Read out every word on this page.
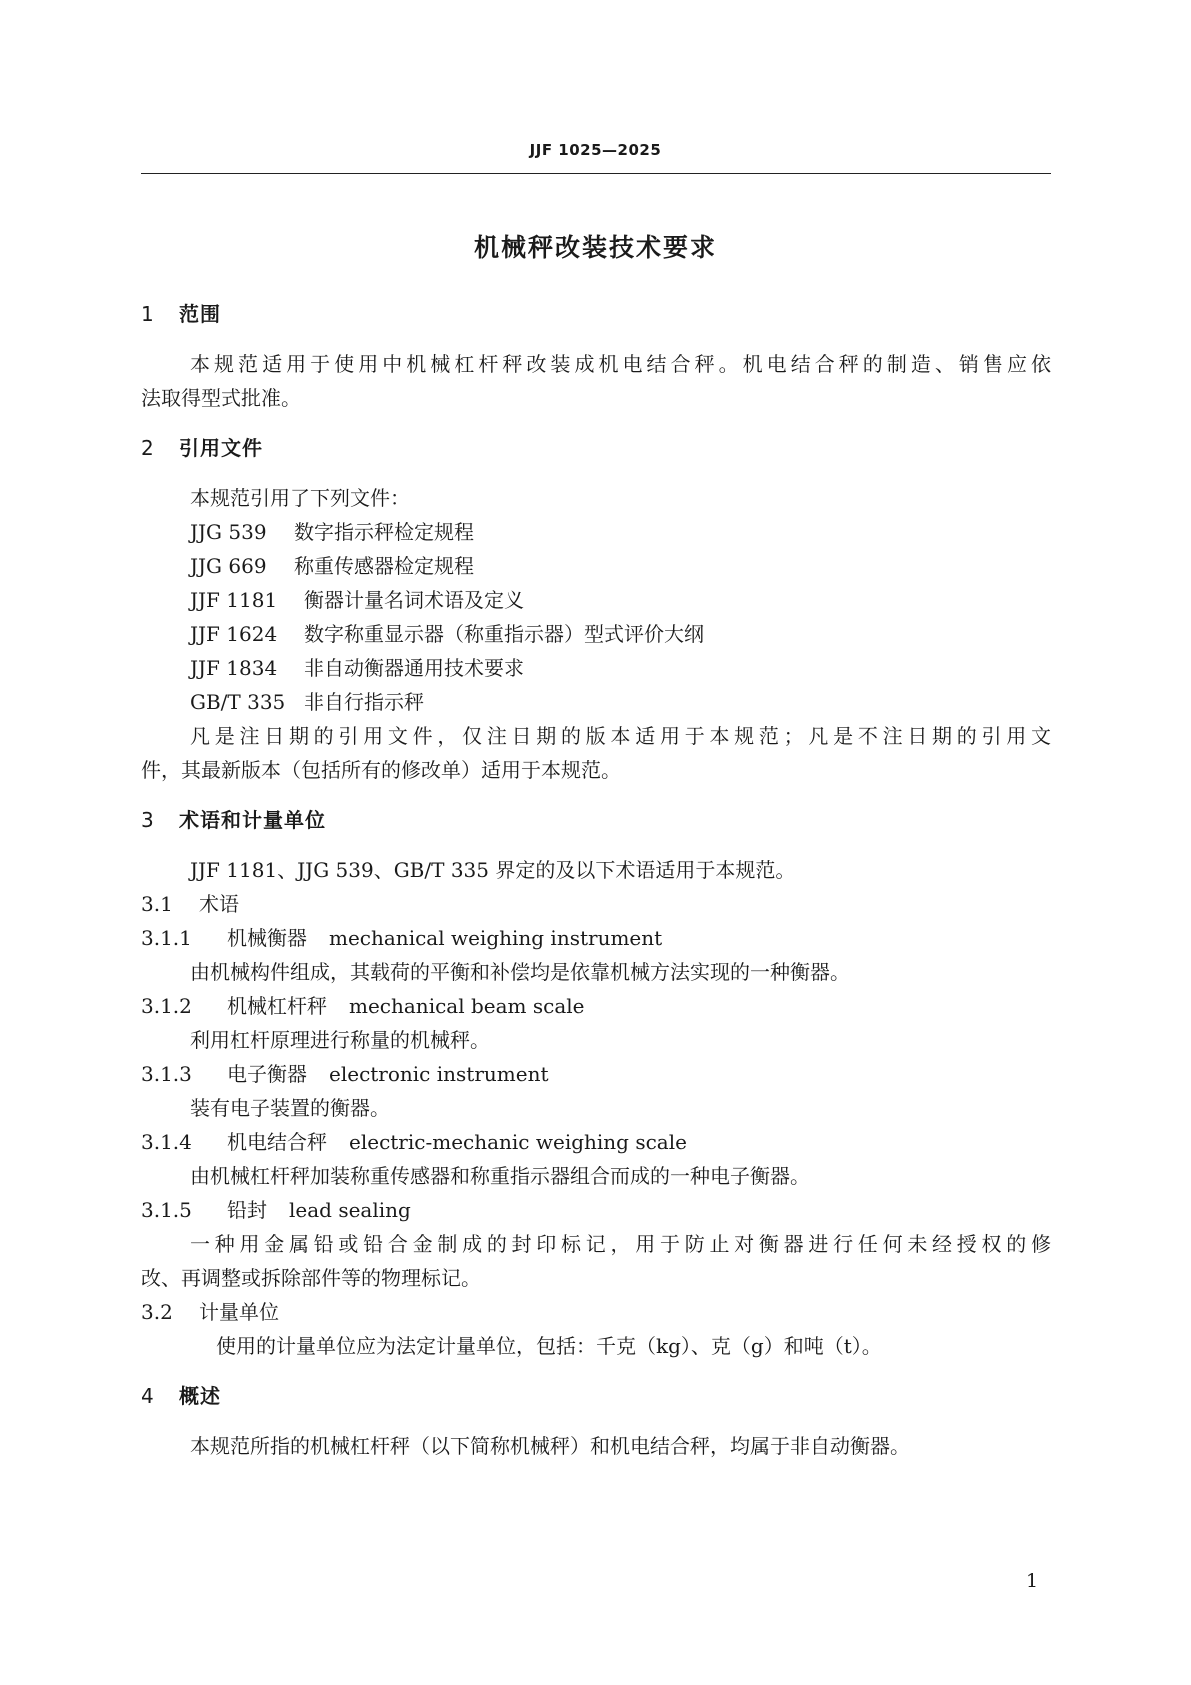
JJF 1025—2025
机械秤改装技术要求
1 范围
本规范适用于使用中机械杠杆秤改装成机电结合秤。机电结合秤的制造、销售应依
法取得型式批准。
2 引用文件
本规范引用了下列文件：
JJG 539 数字指示秤检定规程
JJG 669 称重传感器检定规程
JJF 1181 衡器计量名词术语及定义
JJF 1624 数字称重显示器（称重指示器）型式评价大纲
JJF 1834 非自动衡器通用技术要求
GB/T 335 非自行指示秤
凡是注日期的引用文件，仅注日期的版本适用于本规范；凡是不注日期的引用文
件，其最新版本（包括所有的修改单）适用于本规范。
3 术语和计量单位
JJF 1181、JJG 539、GB/T 335 界定的及以下术语适用于本规范。
3.1 术语
3.1.1 机械衡器 mechanical weighing instrument
由机械构件组成，其载荷的平衡和补偿均是依靠机械方法实现的一种衡器。
3.1.2 机械杠杆秤 mechanical beam scale
利用杠杆原理进行称量的机械秤。
3.1.3 电子衡器 electronic instrument
装有电子装置的衡器。
3.1.4 机电结合秤 electric-mechanic weighing scale
由机械杠杆秤加装称重传感器和称重指示器组合而成的一种电子衡器。
3.1.5 铅封 lead sealing
一种用金属铅或铅合金制成的封印标记，用于防止对衡器进行任何未经授权的修
改、再调整或拆除部件等的物理标记。
3.2 计量单位
使用的计量单位应为法定计量单位，包括：千克（kg）、克（g）和吨（t）。
4 概述
本规范所指的机械杠杆秤（以下简称机械秤）和机电结合秤，均属于非自动衡器。
1
